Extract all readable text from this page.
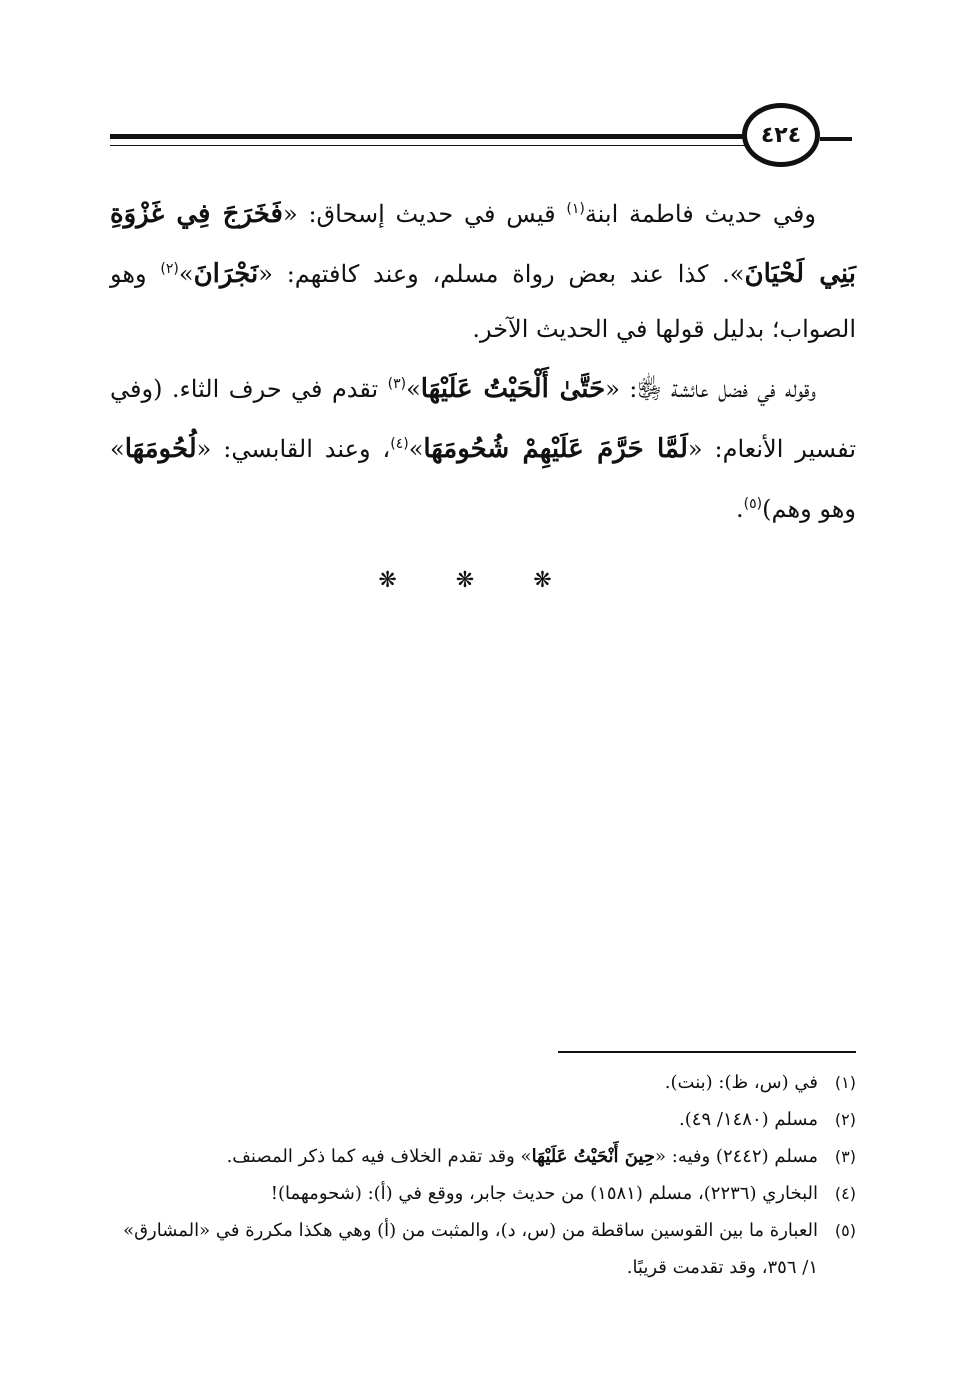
٤٢٤

وفي حديث فاطمة ابنة$^{(١)}$ قيس في حديث إسحاق: «فَخَرَجَ فِي غَزْوَةِ بَنِي لَحْيَانَ». كذا عند بعض رواة مسلم، وعند كافتهم: «نَجْرَانَ»$^{(٢)}$ وهو الصواب؛ بدليل قولها في الحديث الآخر.

وقوله في فضل عائشة ﵂: «حَتَّىٰ أَلْحَيْتُ عَلَيْهَا»$^{(٣)}$ تقدم في حرف الثاء. (وفي تفسير الأنعام: «لَمَّا حَرَّمَ عَلَيْهِمْ شُحُومَهَا»$^{(٤)}$، وعند القابسي: «لُحُومَهَا» وهو وهم)$^{(٥)}$.

❋ ❋ ❋
(١)
في (س، ظ): (بنت).
(٢)
مسلم (١٤٨٠/ ٤٩).
(٣)
مسلم (٢٤٤٢) وفيه: «حِينَ أَنْحَيْتُ عَلَيْهَا» وقد تقدم الخلاف فيه كما ذكر المصنف.
(٤)
البخاري (٢٢٣٦)، مسلم (١٥٨١) من حديث جابر، ووقع في (أ): (شحومهما)!
(٥)
العبارة ما بين القوسين ساقطة من (س، د)، والمثبت من (أ) وهي هكذا مكررة في «المشارق» ١/ ٣٥٦، وقد تقدمت قريبًا.
